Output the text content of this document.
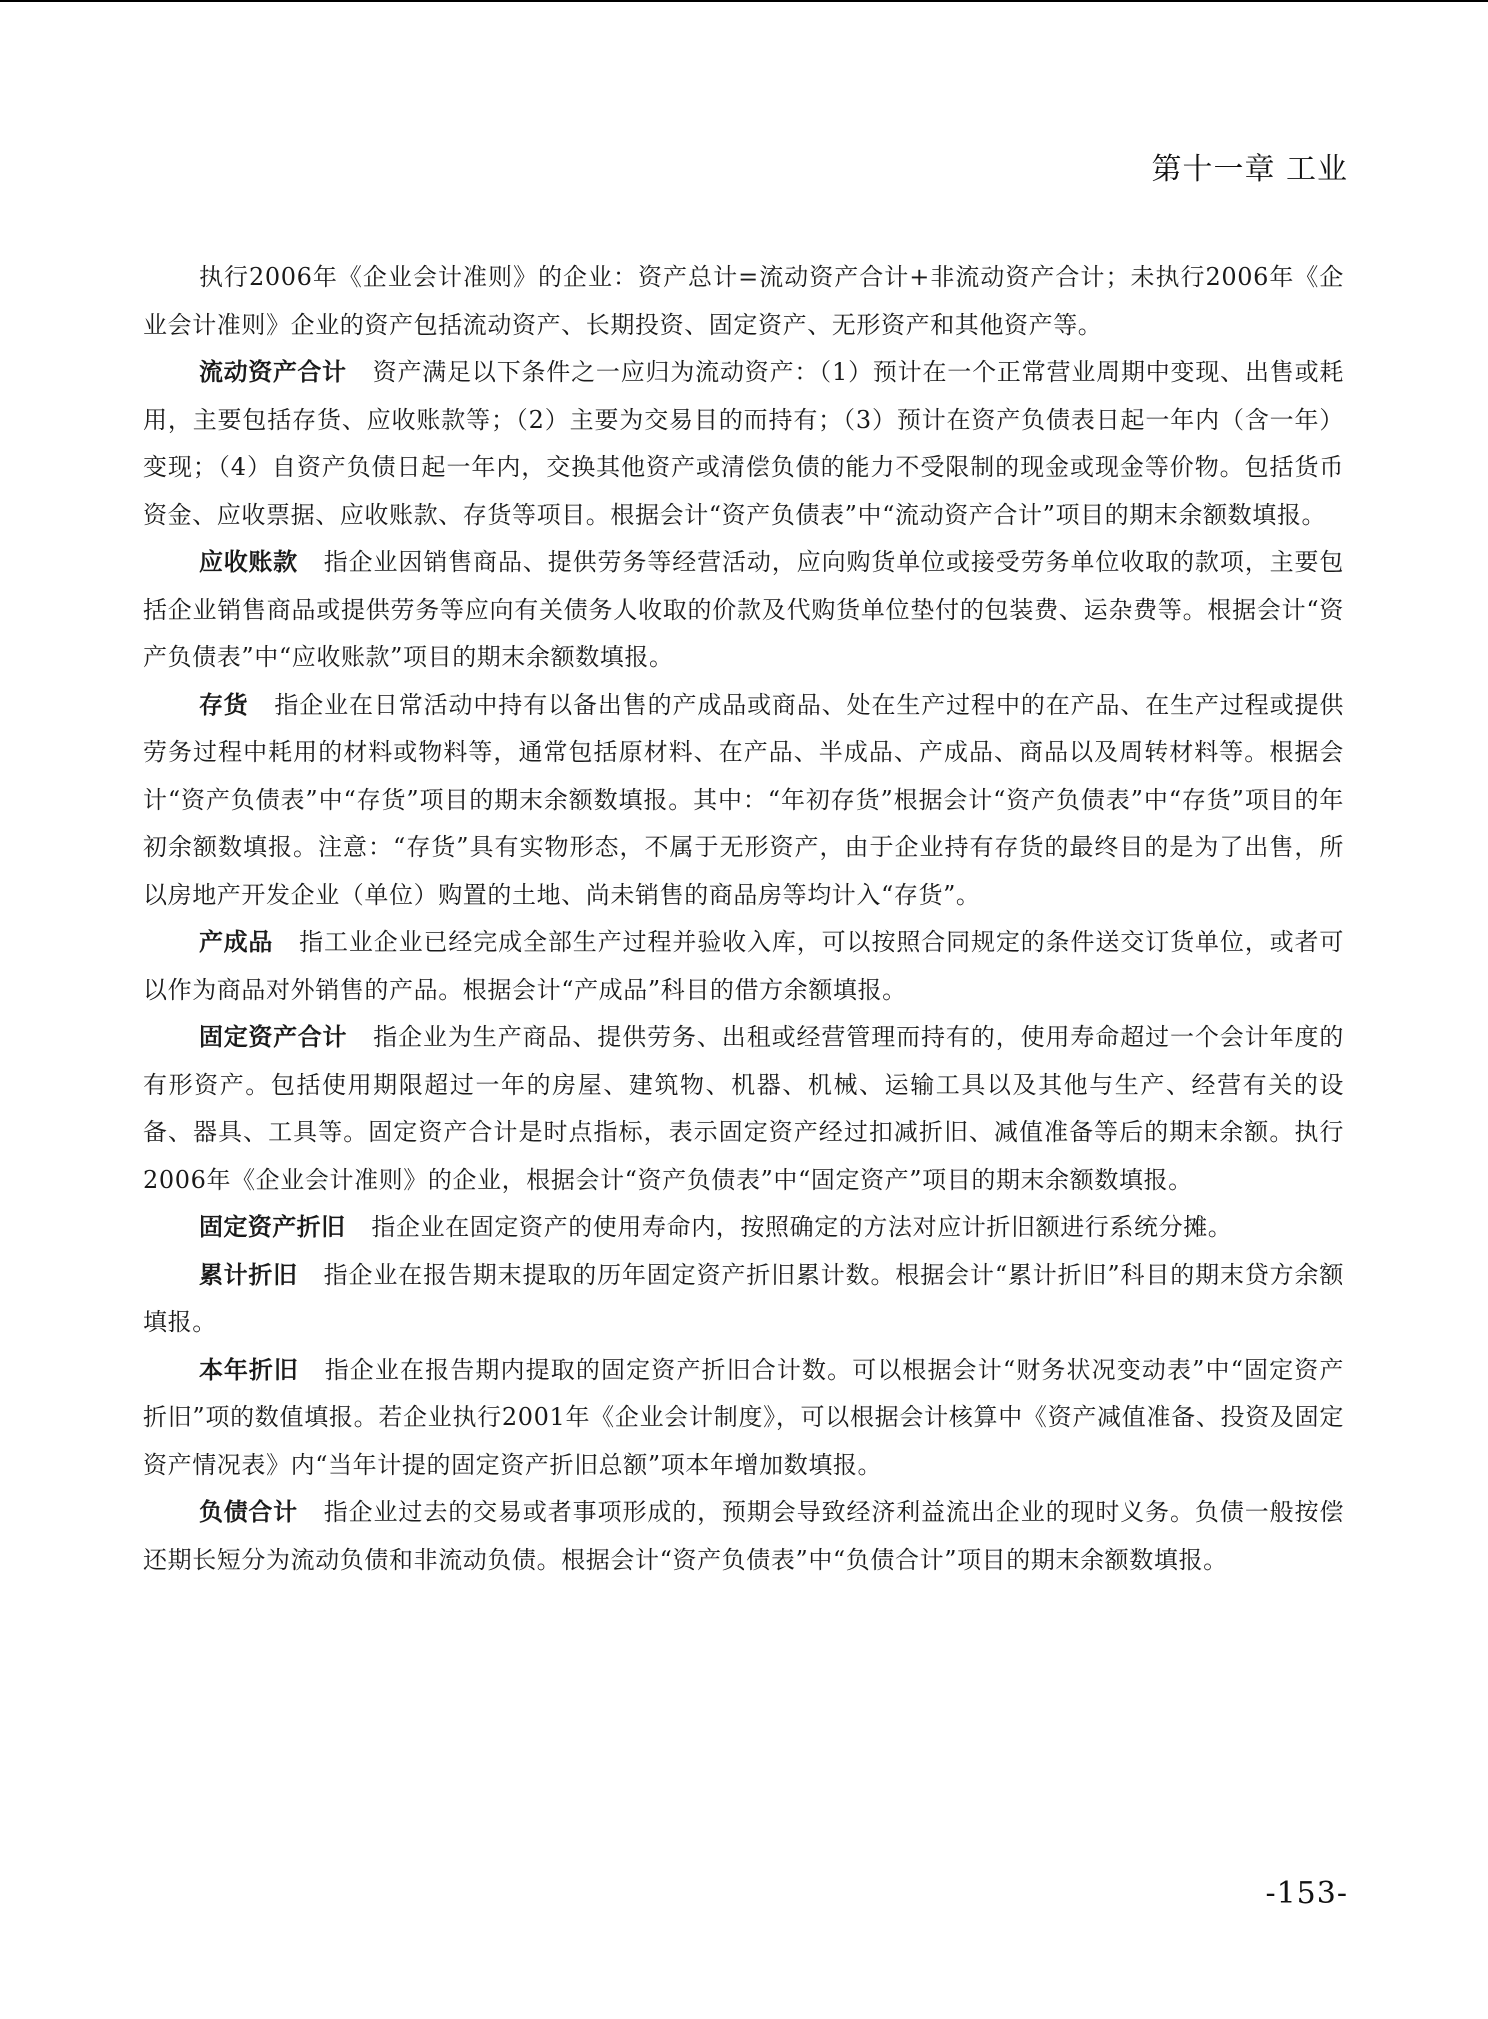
第十一章 工业

执行2006年《企业会计准则》的企业：资产总计=流动资产合计+非流动资产合计；未执行2006年《企业会计准则》企业的资产包括流动资产、长期投资、固定资产、无形资产和其他资产等。

流动资产合计 资产满足以下条件之一应归为流动资产：（1）预计在一个正常营业周期中变现、出售或耗用，主要包括存货、应收账款等；（2）主要为交易目的而持有；（3）预计在资产负债表日起一年内（含一年）变现；（4）自资产负债日起一年内，交换其他资产或清偿负债的能力不受限制的现金或现金等价物。包括货币资金、应收票据、应收账款、存货等项目。根据会计“资产负债表”中“流动资产合计”项目的期末余额数填报。

应收账款 指企业因销售商品、提供劳务等经营活动，应向购货单位或接受劳务单位收取的款项，主要包括企业销售商品或提供劳务等应向有关债务人收取的价款及代购货单位垫付的包装费、运杂费等。根据会计“资产负债表”中“应收账款”项目的期末余额数填报。

存货 指企业在日常活动中持有以备出售的产成品或商品、处在生产过程中的在产品、在生产过程或提供劳务过程中耗用的材料或物料等，通常包括原材料、在产品、半成品、产成品、商品以及周转材料等。根据会计“资产负债表”中“存货”项目的期末余额数填报。其中：“年初存货”根据会计“资产负债表”中“存货”项目的年初余额数填报。注意：“存货”具有实物形态，不属于无形资产，由于企业持有存货的最终目的是为了出售，所以房地产开发企业（单位）购置的土地、尚未销售的商品房等均计入“存货”。

产成品 指工业企业已经完成全部生产过程并验收入库，可以按照合同规定的条件送交订货单位，或者可以作为商品对外销售的产品。根据会计“产成品”科目的借方余额填报。

固定资产合计 指企业为生产商品、提供劳务、出租或经营管理而持有的，使用寿命超过一个会计年度的有形资产。包括使用期限超过一年的房屋、建筑物、机器、机械、运输工具以及其他与生产、经营有关的设备、器具、工具等。固定资产合计是时点指标，表示固定资产经过扣减折旧、减值准备等后的期末余额。执行2006年《企业会计准则》的企业，根据会计“资产负债表”中“固定资产”项目的期末余额数填报。

固定资产折旧 指企业在固定资产的使用寿命内，按照确定的方法对应计折旧额进行系统分摊。

累计折旧 指企业在报告期末提取的历年固定资产折旧累计数。根据会计“累计折旧”科目的期末贷方余额填报。

本年折旧 指企业在报告期内提取的固定资产折旧合计数。可以根据会计“财务状况变动表”中“固定资产折旧”项的数值填报。若企业执行2001年《企业会计制度》，可以根据会计核算中《资产减值准备、投资及固定资产情况表》内“当年计提的固定资产折旧总额”项本年增加数填报。

负债合计 指企业过去的交易或者事项形成的，预期会导致经济利益流出企业的现时义务。负债一般按偿还期长短分为流动负债和非流动负债。根据会计“资产负债表”中“负债合计”项目的期末余额数填报。

-153-
